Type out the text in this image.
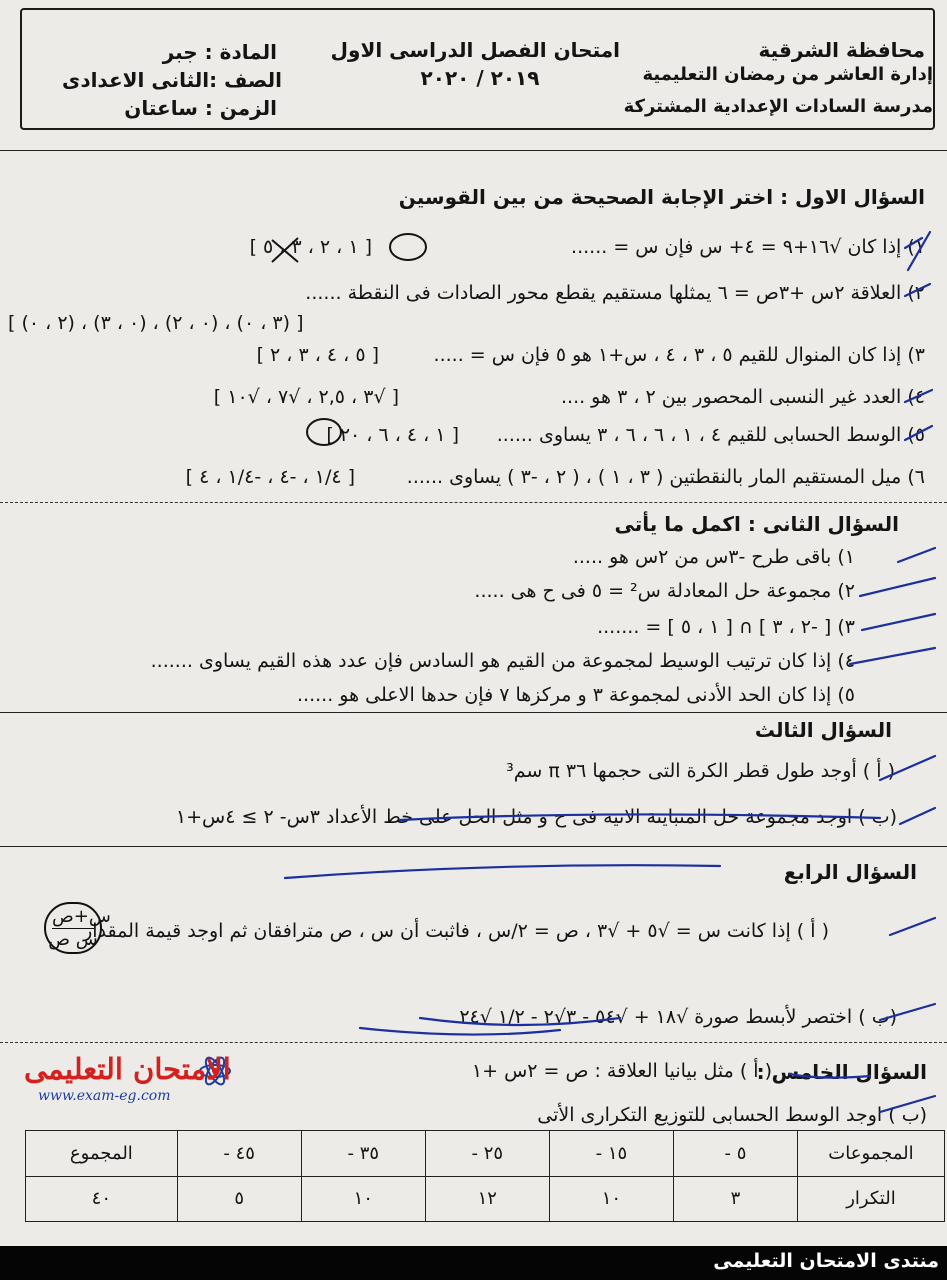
محافظة الشرقية
إدارة العاشر من رمضان التعليمية
مدرسة السادات الإعدادية المشتركة
امتحان الفصل الدراسى الاول
٢٠١٩ / ٢٠٢٠
المادة : جبر
الصف :الثانى الاعدادى
الزمن : ساعتان
السؤال الاول : اختر الإجابة الصحيحة من بين القوسين
١) إذا كان √١٦+٩ = ٤+ س فإن س = ......
[ ١ ، ٢ ، ٣ ، ٥ ]
٢) العلاقة ٢س +٣ص = ٦ يمثلها مستقيم يقطع محور الصادات فى النقطة ......
[ (٣ ، ٠) ، (٠ ، ٢) ، (٠ ، ٣) ، (٢ ، ٠) ]
٣) إذا كان المنوال للقيم ٥ ، ٣ ، ٤ ، س+١ هو ٥ فإن س = .....
[ ٥ ، ٤ ، ٣ ، ٢ ]
٤) العدد غير النسبى المحصور بين ٢ ، ٣ هو ....
[ √٣ ، ٢,٥ ، √٧ ، √١٠ ]
٥) الوسط الحسابى للقيم ٤ ، ١ ، ٦ ، ٦ ، ٣ يساوى ......
[ ١ ، ٤ ، ٦ ، ٢٠ ]
٦) ميل المستقيم المار بالنقطتين ( ٣ ، ١ ) ، ( ٢ ، -٣ ) يساوى ......
[ ١/٤ ، -٤ ، -١/٤ ، ٤ ]
السؤال الثانى : اكمل ما يأتى
١) باقى طرح -٣س من ٢س هو .....
٢) مجموعة حل المعادلة س² = ٥ فى ح هى .....
٣) [ -٢ ، ٣ ] ∩ [ ١ ، ٥ ] = .......
٤) إذا كان ترتيب الوسيط لمجموعة من القيم هو السادس فإن عدد هذه القيم يساوى .......
٥) إذا كان الحد الأدنى لمجموعة ٣ و مركزها ٧ فإن حدها الاعلى هو ......
السؤال الثالث
( أ ) أوجد طول قطر الكرة التى حجمها ٣٦ π سم³
(ب ) اوجد مجموعة حل المتباينة الاتيه فى ح و مثل الحل على خط الأعداد ٣س- ٢ ≥ ٤س+١
السؤال الرابع
( أ ) إذا كانت س = √٥ + √٣ ، ص = ٢/س ، فاثبت أن س ، ص مترافقان ثم اوجد قيمة المقدار
س+ص
س ص
(ب ) اختصر لأبسط صورة √١٨ + √٥٤ - ٣√٢ - ١/٢ √٢٤
السؤال الخامس :
( أ ) مثل بيانيا العلاقة : ص = ٢س +١
(ب ) اوجد الوسط الحسابى للتوزيع التكرارى الأتى
الامتحان التعليمى
www.exam-eg.com
المجموعات	٥ -	١٥ -	٢٥ -	٣٥ -	٤٥ -	المجموع
التكرار	٣	١٠	١٢	١٠	٥	٤٠
منتدى الامتحان التعليمى
